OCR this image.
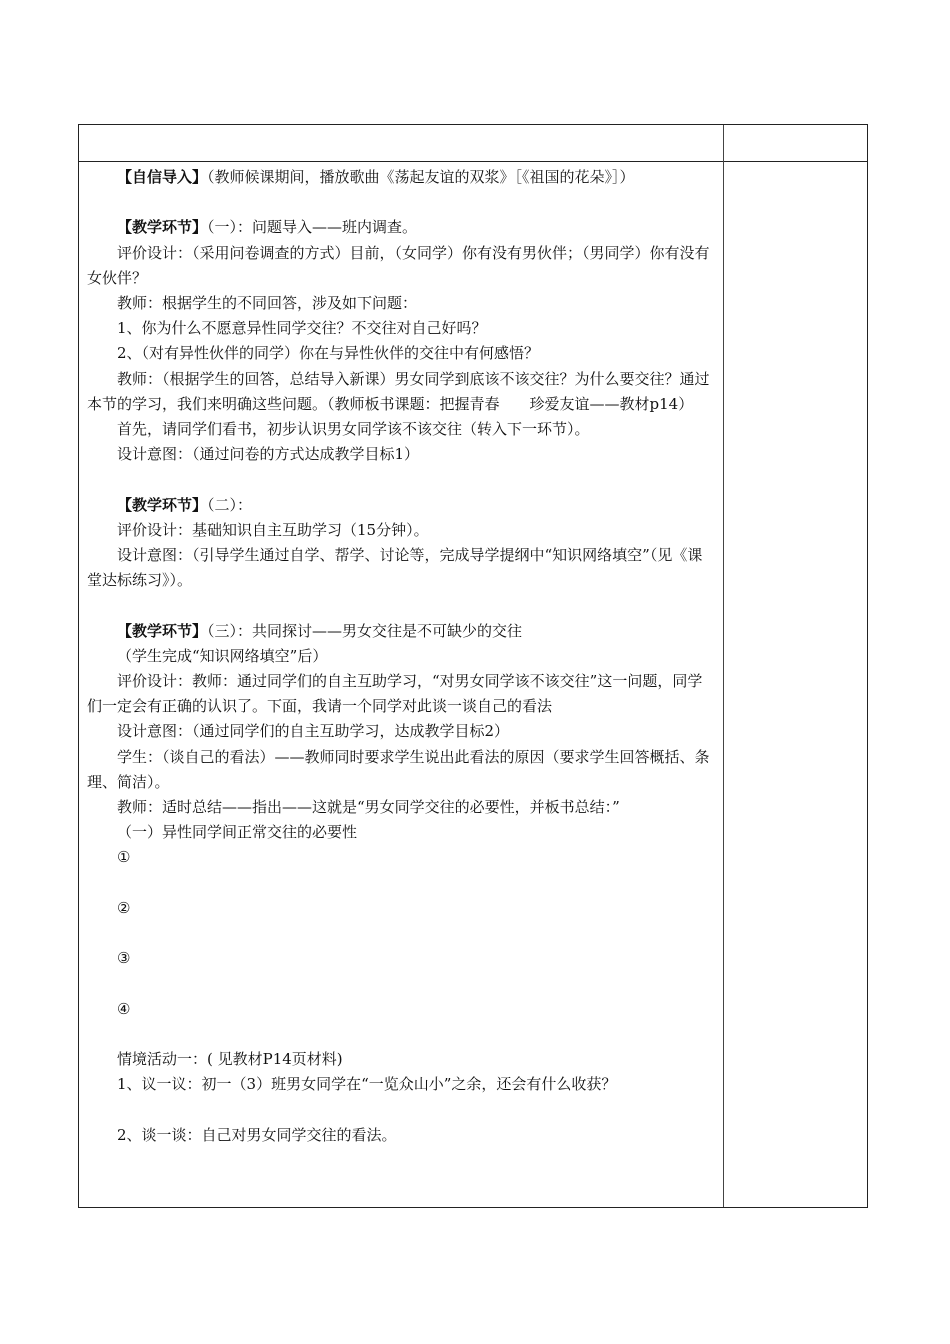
【自信导入】（教师候课期间，播放歌曲《荡起友谊的双浆》［《祖国的花朵》］）

【教学环节】（一）：问题导入——班内调查。

评价设计：（采用问卷调查的方式）目前，（女同学）你有没有男伙伴；（男同学）你有没有女伙伴？

教师：根据学生的不同回答，涉及如下问题：

1、你为什么不愿意异性同学交往？不交往对自己好吗？

2、（对有异性伙伴的同学）你在与异性伙伴的交往中有何感悟？

教师：（根据学生的回答，总结导入新课）男女同学到底该不该交往？为什么要交往？通过本节的学习，我们来明确这些问题。（教师板书课题：把握青春　　珍爱友谊——教材p14）

首先，请同学们看书，初步认识男女同学该不该交往（转入下一环节）。

设计意图：（通过问卷的方式达成教学目标1）

【教学环节】（二）：

评价设计：基础知识自主互助学习（15分钟）。

设计意图：（引导学生通过自学、帮学、讨论等，完成导学提纲中“知识网络填空”（见《课堂达标练习》）。

【教学环节】（三）：共同探讨——男女交往是不可缺少的交往

（学生完成“知识网络填空”后）

评价设计：教师：通过同学们的自主互助学习，“对男女同学该不该交往”这一问题，同学们一定会有正确的认识了。下面，我请一个同学对此谈一谈自己的看法

设计意图：（通过同学们的自主互助学习，达成教学目标2）

学生：（谈自己的看法）——教师同时要求学生说出此看法的原因（要求学生回答概括、条理、简洁）。

教师：适时总结——指出——这就是“男女同学交往的必要性，并板书总结：”

（一）异性同学间正常交往的必要性

①

②

③

④

情境活动一：( 见教材P14页材料)

1、议一议：初一（3）班男女同学在“一览众山小”之余，还会有什么收获？

2、谈一谈：自己对男女同学交往的看法。
